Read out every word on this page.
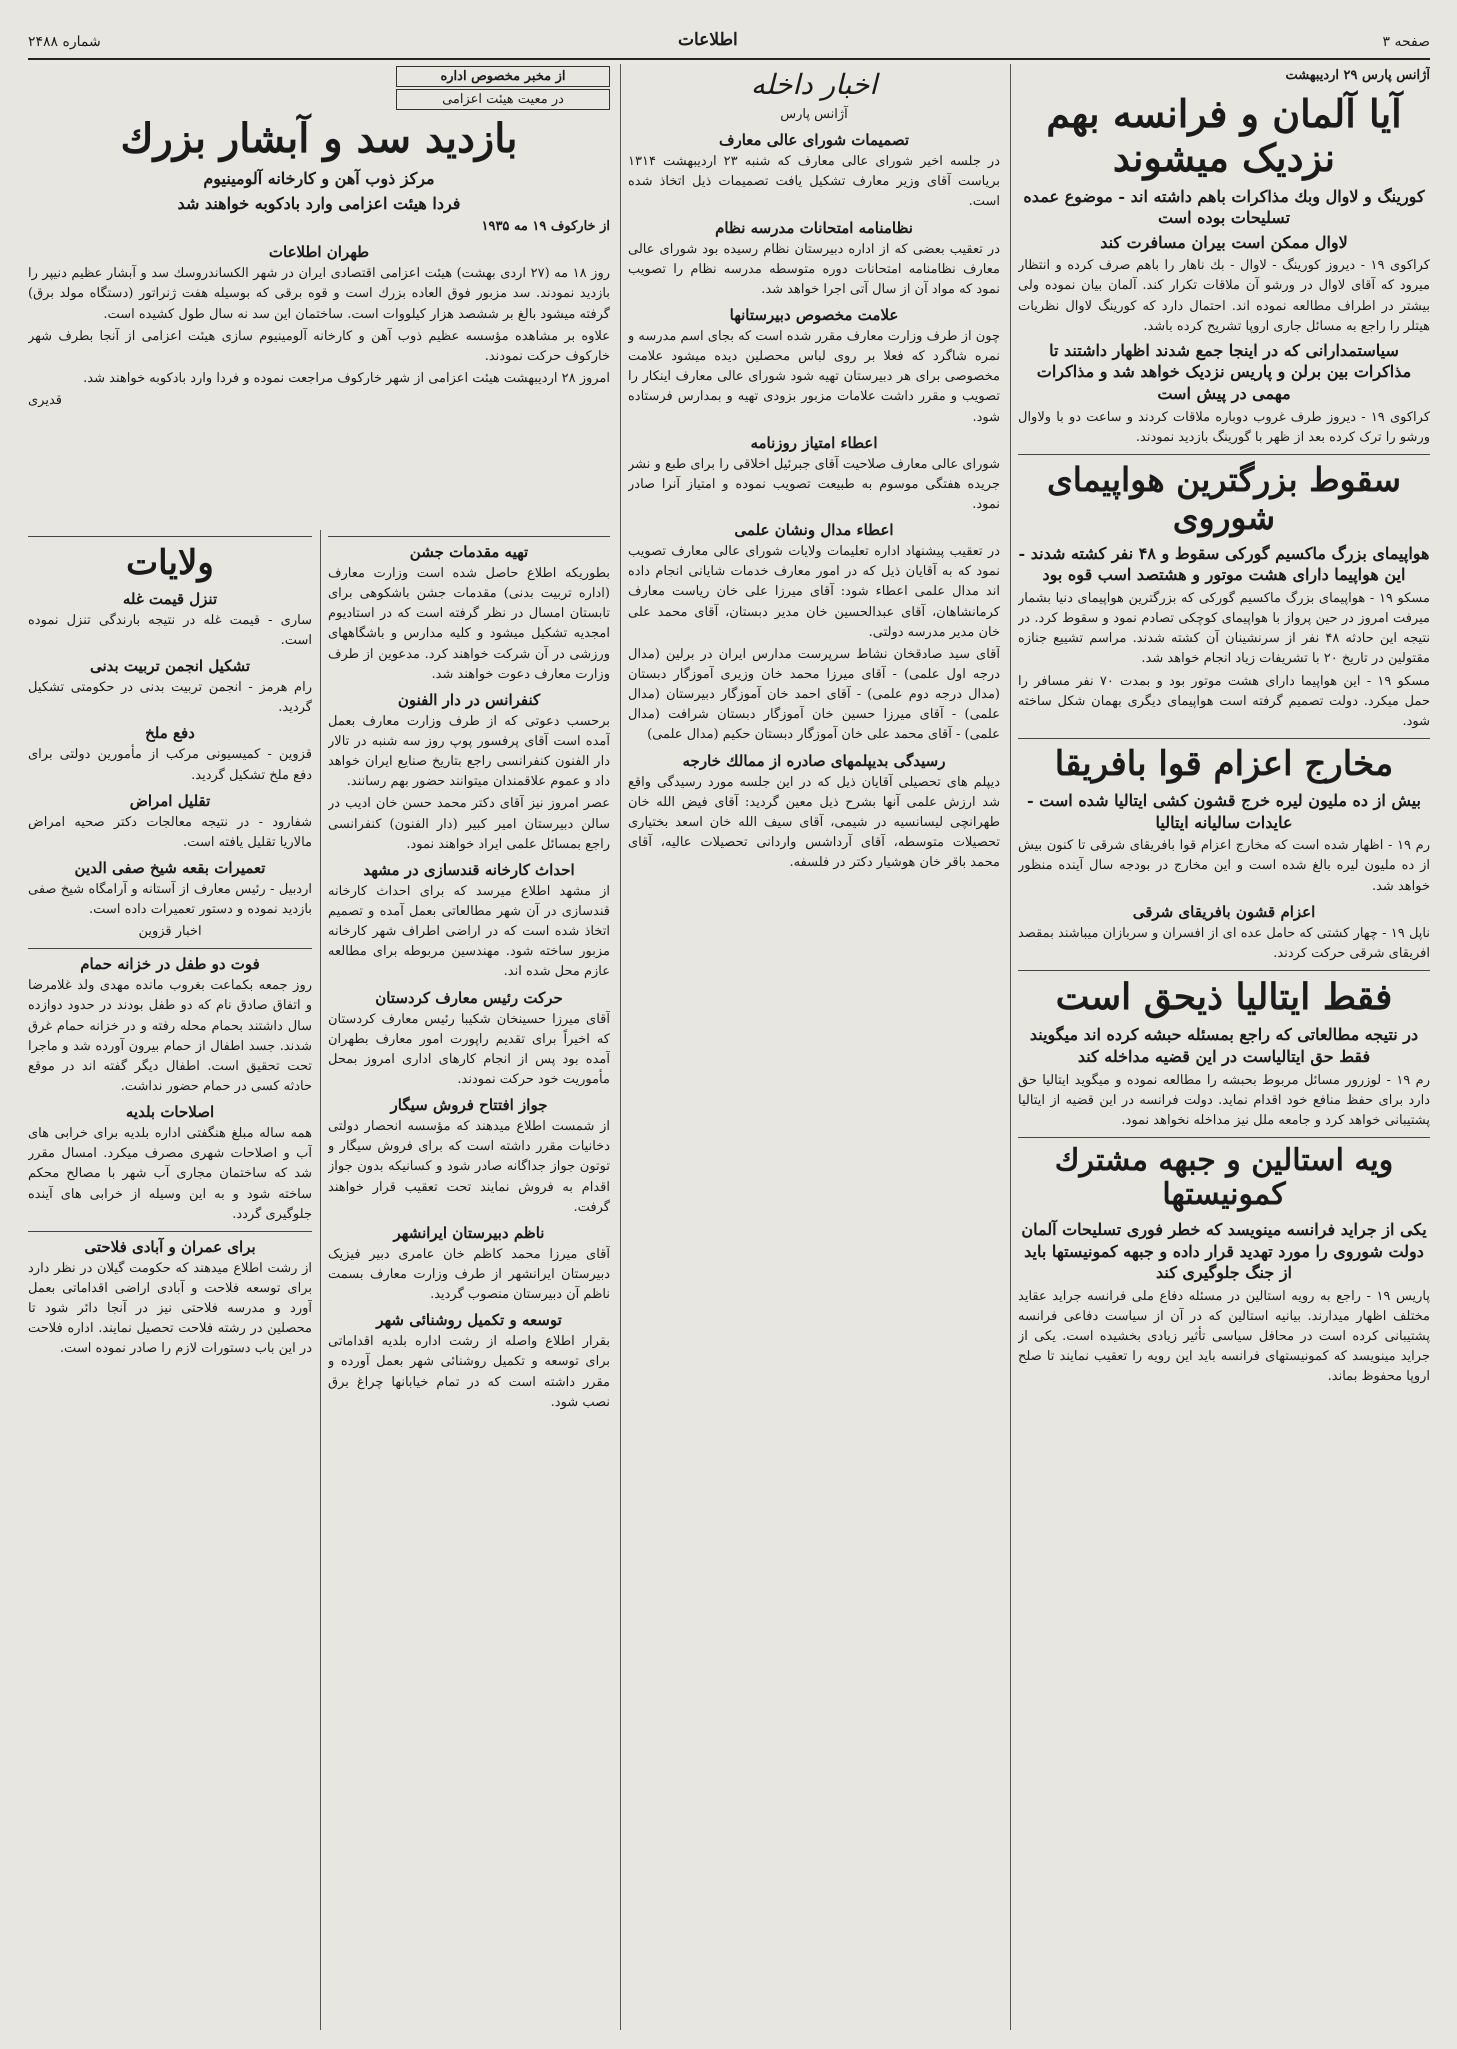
شماره ۲۴۸۸	اطلاعات	صفحه ۳
آژانس پارس ۲۹ اردیبهشت
آیا آلمان و فرانسه بهم نزدیک میشوند
کورینگ و لاوال وبك مذاکرات باهم داشته اند - موضوع عمده تسلیحات بوده است
لاوال ممکن است بیران مسافرت کند
کراکوی ۱۹ - دیروز کورینگ - لاوال - بك ناهار را باهم صرف کرده و انتظار میرود که آقای لاوال در ورشو آن ملاقات تکرار کند. آلمان بیان نموده ولی بیشتر در اطراف مطالعه نموده اند. احتمال دارد که کورینگ لاوال نظریات هیتلر را راجع به مسائل جاری اروپا تشریح کرده باشد.
سیاستمدارانی که در اینجا جمع شدند اظهار داشتند تا مذاکرات بین برلن و پاریس نزدیک خواهد شد و مذاکرات مهمی در پیش است
کراکوی ۱۹ - دیروز طرف غروب دوباره ملاقات کردند و ساعت دو با ولاوال ورشو را ترک کرده بعد از ظهر با گورینگ بازدید نمودند.
سقوط بزرگترین هواپیمای شوروی
هواپیمای بزرگ ماکسیم گورکی سقوط و ۴۸ نفر کشته شدند - این هواپیما دارای هشت موتور و هشتصد اسب قوه بود
مسکو ۱۹ - هواپیمای بزرگ ماکسیم گورکی که بزرگترین هواپیمای دنیا بشمار میرفت امروز در حین پرواز با هواپیمای کوچکی تصادم نمود و سقوط کرد. در نتیجه این حادثه ۴۸ نفر از سرنشینان آن کشته شدند. مراسم تشییع جنازه مقتولین در تاریخ ۲۰ با تشریفات زیاد انجام خواهد شد.
مسکو ۱۹ - این هواپیما دارای هشت موتور بود و بمدت ۷۰ نفر مسافر را حمل میکرد. دولت تصمیم گرفته است هواپیمای دیگری بهمان شکل ساخته شود.
مخارج اعزام قوا بافریقا
بیش از ده ملیون لیره خرج قشون کشی ایتالیا شده است - عایدات سالیانه ایتالیا
رم ۱۹ - اظهار شده است که مخارج اعزام قوا بافریقای شرقی تا کنون بیش از ده ملیون لیره بالغ شده است و این مخارج در بودجه سال آینده منظور خواهد شد.
اعزام قشون بافریقای شرقی
ناپل ۱۹ - چهار کشتی که حامل عده ای از افسران و سربازان میباشند بمقصد افریقای شرقی حرکت کردند.
فقط ایتالیا ذیحق است
در نتیجه مطالعاتی که راجع بمسئله حبشه کرده اند میگویند فقط حق ایتالیاست در این قضیه مداخله کند
رم ۱۹ - لوزرور مسائل مربوط بحبشه را مطالعه نموده و میگوید ایتالیا حق دارد برای حفظ منافع خود اقدام نماید. دولت فرانسه در این قضیه از ایتالیا پشتیبانی خواهد کرد و جامعه ملل نیز مداخله نخواهد نمود.
ویه استالین و جبهه مشترك كمونیستها
یکی از جراید فرانسه مینویسد که خطر فوری تسلیحات آلمان دولت شوروی را مورد تهدید قرار داده و جبهه كمونیستها باید از جنگ جلوگیری کند
پاریس ۱۹ - راجع به رویه استالین در مسئله دفاع ملی فرانسه جراید عقاید مختلف اظهار میدارند. بیانیه استالین که در آن از سیاست دفاعی فرانسه پشتیبانی کرده است در محافل سیاسی تأثیر زیادی بخشیده است. یکی از جراید مینویسد که کمونیستهای فرانسه باید این رویه را تعقیب نمایند تا صلح اروپا محفوظ بماند.
اخبار داخله
آژانس پارس
تصمیمات شورای عالی معارف
در جلسه اخیر شورای عالی معارف که شنبه ۲۳ اردیبهشت ۱۳۱۴ بریاست آقای وزیر معارف تشکیل یافت تصمیمات ذیل اتخاذ شده است.
نظامنامه امتحانات مدرسه نظام
در تعقیب بعضی که از اداره دبیرستان نظام رسیده بود شورای عالی معارف نظامنامه امتحانات دوره متوسطه مدرسه نظام را تصویب نمود که مواد آن از سال آتی اجرا خواهد شد.
علامت مخصوص دبیرستانها
چون از طرف وزارت معارف مقرر شده است که بجای اسم مدرسه و نمره شاگرد که فعلا بر روی لباس محصلین دیده میشود علامت مخصوصی برای هر دبیرستان تهیه شود شورای عالی معارف اینکار را تصویب و مقرر داشت علامات مزبور بزودی تهیه و بمدارس فرستاده شود.
اعطاء امتیاز روزنامه
شورای عالی معارف صلاحیت آقای جبرئیل اخلاقی را برای طبع و نشر جریده هفتگی موسوم به طبیعت تصویب نموده و امتیاز آنرا صادر نمود.
اعطاء مدال ونشان علمی
در تعقیب پیشنهاد اداره تعلیمات ولایات شورای عالی معارف تصویب نمود که به آقایان ذیل که در امور معارف خدمات شایانی انجام داده اند مدال علمی اعطاء شود: آقای میرزا علی خان ریاست معارف کرمانشاهان، آقای عبدالحسین خان مدیر دبستان، آقای محمد علی خان مدیر مدرسه دولتی.
آقای سید صادقخان نشاط سرپرست مدارس ایران در برلین (مدال درجه اول علمی) - آقای میرزا محمد خان وزیری آموزگار دبستان (مدال درجه دوم علمی) - آقای احمد خان آموزگار دبیرستان (مدال علمی) - آقای میرزا حسین خان آموزگار دبستان شرافت (مدال علمی) - آقای محمد علی خان آموزگار دبستان حکیم (مدال علمی)
رسیدگی بدیپلمهای صادره از ممالك خارجه
دیپلم های تحصیلی آقایان ذیل که در این جلسه مورد رسیدگی واقع شد ارزش علمی آنها بشرح ذیل معین گردید: آقای فیض الله خان طهرانچی لیسانسیه در شیمی، آقای سیف الله خان اسعد بختیاری تحصیلات متوسطه، آقای آرداشس واردانی تحصیلات عالیه، آقای محمد باقر خان هوشیار دکتر در فلسفه.
از مخبر مخصوص اداره
در معیت هیئت اعزامی
بازدید سد و آبشار بزرك
مرکز ذوب آهن و کارخانه آلومینیوم
فردا هیئت اعزامی وارد بادکوبه خواهند شد
از خارکوف ۱۹ مه ۱۹۳۵
طهران اطلاعات
روز ۱۸ مه (۲۷ اردی بهشت) هیئت اعزامی اقتصادی ایران در شهر الکساندروسك سد و آبشار عظیم دنیپر را بازدید نمودند. سد مزبور فوق العاده بزرك است و قوه برقی که بوسیله هفت ژنراتور (دستگاه مولد برق) گرفته میشود بالغ بر ششصد هزار کیلووات است. ساختمان این سد نه سال طول کشیده است.
علاوه بر مشاهده مؤسسه عظیم ذوب آهن و کارخانه آلومینیوم سازی هیئت اعزامی از آنجا بطرف شهر خارکوف حرکت نمودند.
امروز ۲۸ اردیبهشت هیئت اعزامی از شهر خارکوف مراجعت نموده و فردا وارد بادکوبه خواهند شد.
قدیری
تهیه مقدمات جشن
بطوریکه اطلاع حاصل شده است وزارت معارف (اداره تربیت بدنی) مقدمات جشن باشکوهی برای تابستان امسال در نظر گرفته است که در استادیوم امجدیه تشکیل میشود و کلیه مدارس و باشگاههای ورزشی در آن شرکت خواهند کرد. مدعوین از طرف وزارت معارف دعوت خواهند شد.
کنفرانس در دار الفنون
برحسب دعوتی که از طرف وزارت معارف بعمل آمده است آقای پرفسور پوپ روز سه شنبه در تالار دار الفنون کنفرانسی راجع بتاریخ صنایع ایران خواهد داد و عموم علاقمندان میتوانند حضور بهم رسانند.
عصر امروز نیز آقای دکتر محمد حسن خان ادیب در سالن دبیرستان امیر کبیر (دار الفنون) کنفرانسی راجع بمسائل علمی ایراد خواهند نمود.
احداث کارخانه قندسازی در مشهد
از مشهد اطلاع میرسد که برای احداث کارخانه قندسازی در آن شهر مطالعاتی بعمل آمده و تصمیم اتخاذ شده است که در اراضی اطراف شهر کارخانه مزبور ساخته شود. مهندسین مربوطه برای مطالعه عازم محل شده اند.
حرکت رئیس معارف کردستان
آقای میرزا حسینخان شکیبا رئیس معارف کردستان که اخیراً برای تقدیم راپورت امور معارف بطهران آمده بود پس از انجام کارهای اداری امروز بمحل مأموریت خود حرکت نمودند.
جواز افتتاح فروش سیگار
از شمست اطلاع میدهند که مؤسسه انحصار دولتی دخانیات مقرر داشته است که برای فروش سیگار و توتون جواز جداگانه صادر شود و کسانیکه بدون جواز اقدام به فروش نمایند تحت تعقیب قرار خواهند گرفت.
ناظم دبیرستان ایرانشهر
آقای میرزا محمد کاظم خان عامری دبیر فیزیک دبیرستان ایرانشهر از طرف وزارت معارف بسمت ناظم آن دبیرستان منصوب گردید.
توسعه و تکمیل روشنائی شهر
بقرار اطلاع واصله از رشت اداره بلدیه اقداماتی برای توسعه و تکمیل روشنائی شهر بعمل آورده و مقرر داشته است که در تمام خیابانها چراغ برق نصب شود.
ولایات
تنزل قیمت غله
ساری - قیمت غله در نتیجه بارندگی تنزل نموده است.
تشکیل انجمن تربیت بدنی
رام هرمز - انجمن تربیت بدنی در حکومتی تشکیل گردید.
دفع ملخ
قزوین - کمیسیونی مرکب از مأمورین دولتی برای دفع ملخ تشکیل گردید.
تقلیل امراض
شفارود - در نتیجه معالجات دکتر صحیه امراض مالاریا تقلیل یافته است.
تعمیرات بقعه شیخ صفی الدین
اردبیل - رئیس معارف از آستانه و آرامگاه شیخ صفی بازدید نموده و دستور تعمیرات داده است.
اخبار قزوین
فوت دو طفل در خزانه حمام
روز جمعه بکماعت بغروب مانده مهدی ولد غلامرضا و اتفاق صادق نام که دو طفل بودند در حدود دوازده سال داشتند بحمام محله رفته و در خزانه حمام غرق شدند. جسد اطفال از حمام بیرون آورده شد و ماجرا تحت تحقیق است. اطفال دیگر گفته اند در موقع حادثه کسی در حمام حضور نداشت.
اصلاحات بلدیه
همه ساله مبلغ هنگفتی اداره بلدیه برای خرابی های آب و اصلاحات شهری مصرف میکرد. امسال مقرر شد که ساختمان مجاری آب شهر با مصالح محکم ساخته شود و به این وسیله از خرابی های آینده جلوگیری گردد.
برای عمران و آبادی فلاحتی
از رشت اطلاع میدهند که حکومت گیلان در نظر دارد برای توسعه فلاحت و آبادی اراضی اقداماتی بعمل آورد و مدرسه فلاحتی نیز در آنجا دائر شود تا محصلین در رشته فلاحت تحصیل نمایند. اداره فلاحت در این باب دستورات لازم را صادر نموده است.
